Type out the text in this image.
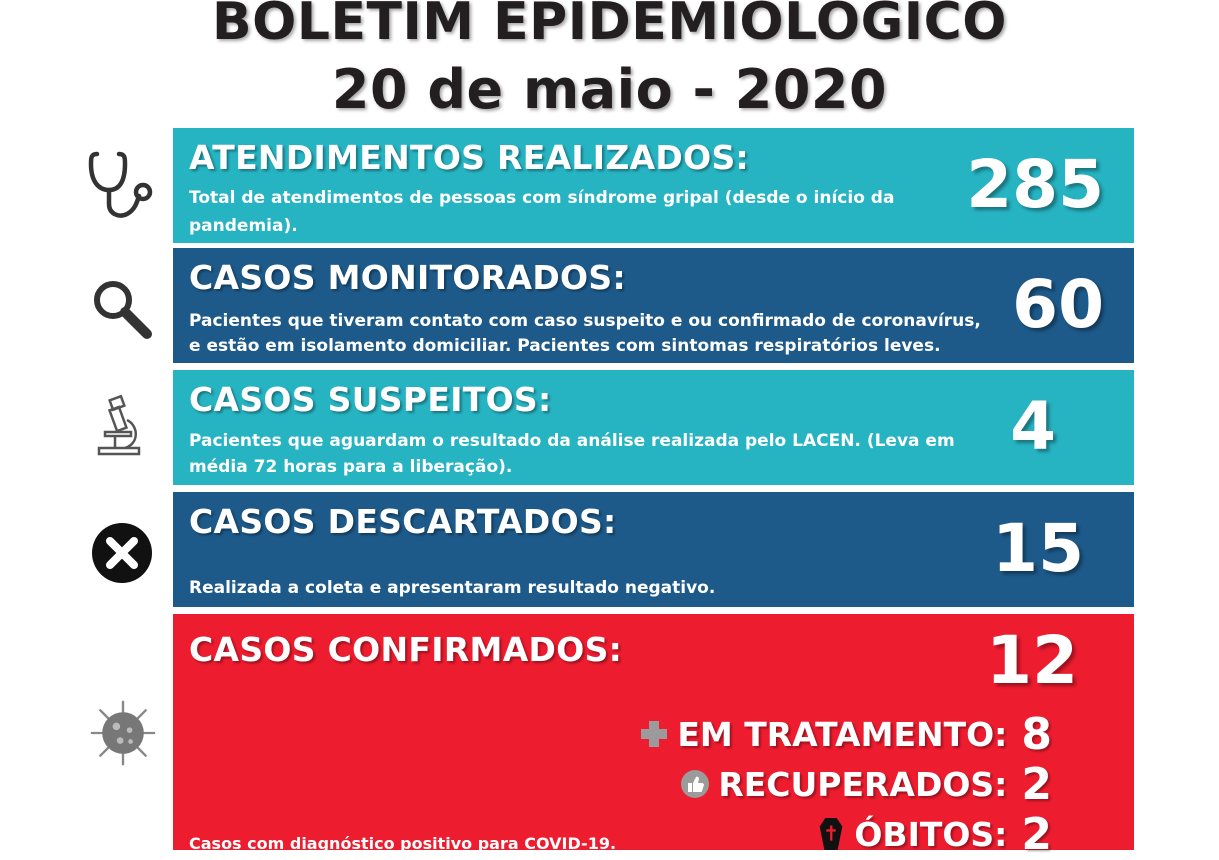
BOLETIM EPIDEMIOLOGICO
20 de maio - 2020
ATENDIMENTOS REALIZADOS:

Total de atendimentos de pessoas com síndrome gripal (desde o início da

pandemia).

285

CASOS MONITORADOS:

Pacientes que tiveram contato com caso suspeito e ou confirmado de coronavírus,

e estão em isolamento domiciliar. Pacientes com sintomas respiratórios leves.

60

CASOS SUSPEITOS:

Pacientes que aguardam o resultado da análise realizada pelo LACEN. (Leva em

média 72 horas para a liberação).

4

CASOS DESCARTADOS:

Realizada a coleta e apresentaram resultado negativo.

15

CASOS CONFIRMADOS:	12

EM TRATAMENTO: 8
RECUPERADOS: 2
ÓBITOS: 2

Casos com diagnóstico positivo para COVID-19.
